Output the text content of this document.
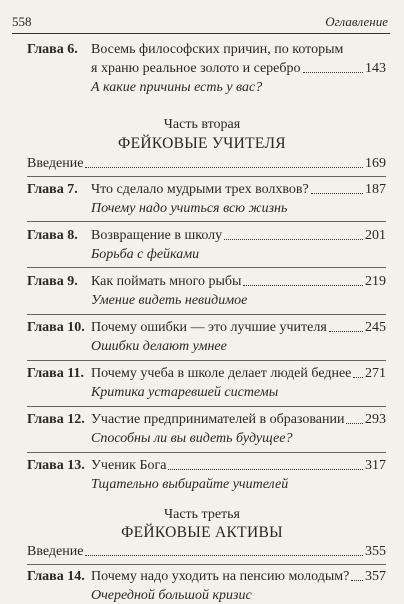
558	Оглавление
Глава 6. Восемь философских причин, по которым
я храню реальное золото и серебро	143
А какие причины есть у вас?
Часть вторая
ФЕЙКОВЫЕ УЧИТЕЛЯ
Введение	169
Глава 7. Что сделало мудрыми трех волхвов?	187
Почему надо учиться всю жизнь
Глава 8. Возвращение в школу	201
Борьба с фейками
Глава 9. Как поймать много рыбы	219
Умение видеть невидимое
Глава 10. Почему ошибки — это лучшие учителя	245
Ошибки делают умнее
Глава 11. Почему учеба в школе делает людей беднее 271
Критика устаревшей системы
Глава 12. Участие предпринимателей в образовании 293
Способны ли вы видеть будущее?
Глава 13. Ученик Бога	317
Тщательно выбирайте учителей
Часть третья
ФЕЙКОВЫЕ АКТИВЫ
Введение	355
Глава 14. Почему надо уходить на пенсию молодым? 357
Очередной большой кризис
